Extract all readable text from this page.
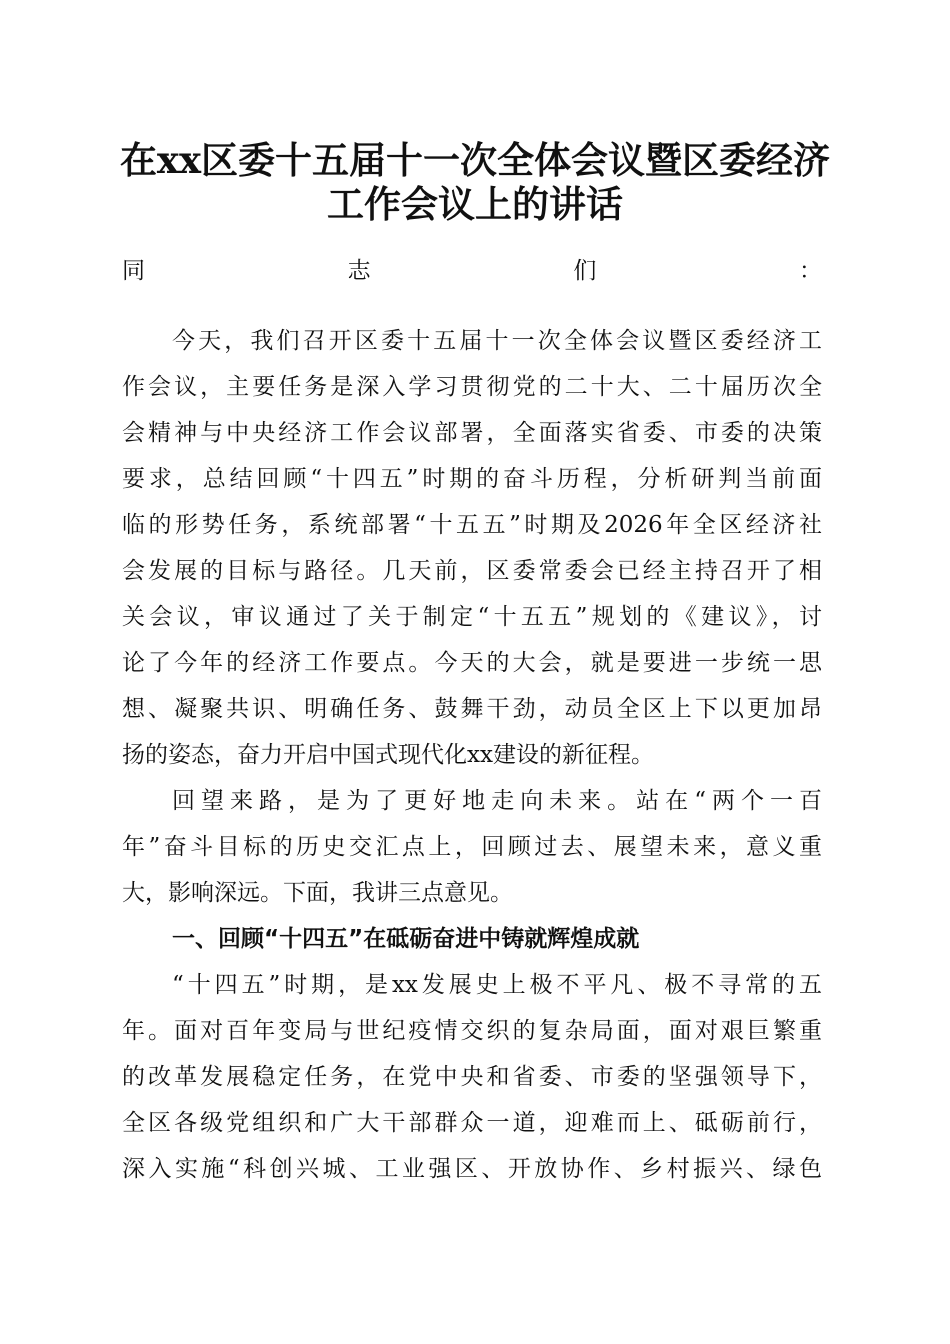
在xx区委十五届十一次全体会议暨区委经济
工作会议上的讲话
同志们：
今天，我们召开区委十五届十一次全体会议暨区委经济工
作会议，主要任务是深入学习贯彻党的二十大、二十届历次全
会精神与中央经济工作会议部署，全面落实省委、市委的决策
要求，总结回顾“十四五”时期的奋斗历程，分析研判当前面
临的形势任务，系统部署“十五五”时期及2026年全区经济社
会发展的目标与路径。几天前，区委常委会已经主持召开了相
关会议，审议通过了关于制定“十五五”规划的《建议》，讨
论了今年的经济工作要点。今天的大会，就是要进一步统一思
想、凝聚共识、明确任务、鼓舞干劲，动员全区上下以更加昂
扬的姿态，奋力开启中国式现代化xx建设的新征程。
回望来路，是为了更好地走向未来。站在“两个一百
年”奋斗目标的历史交汇点上，回顾过去、展望未来，意义重
大，影响深远。下面，我讲三点意见。
一、回顾“十四五”在砥砺奋进中铸就辉煌成就
“十四五”时期，是xx发展史上极不平凡、极不寻常的五
年。面对百年变局与世纪疫情交织的复杂局面，面对艰巨繁重
的改革发展稳定任务，在党中央和省委、市委的坚强领导下，
全区各级党组织和广大干部群众一道，迎难而上、砥砺前行，
深入实施“科创兴城、工业强区、开放协作、乡村振兴、绿色
